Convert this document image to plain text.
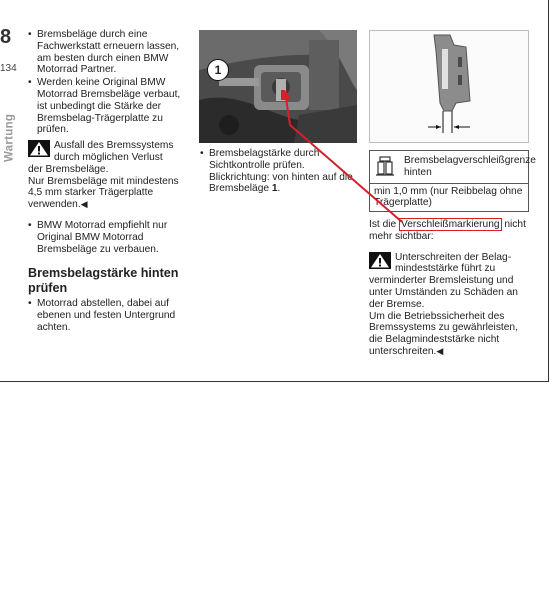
8
134
Wartung
• Bremsbeläge durch eine Fachwerkstatt erneuern lassen, am besten durch einen BMW Motorrad Partner.
• Werden keine Original BMW Motorrad Bremsbeläge verbaut, ist unbedingt die Stärke der Bremsbelag-Trägerplatte zu prüfen.
Ausfall des Bremssystems
durch möglichen Verlust
der Bremsbeläge.
Nur Bremsbeläge mit mindestens 4,5 mm starker Trägerplatte verwenden.◀
• BMW Motorrad empfiehlt nur Original BMW Motorrad Bremsbeläge zu verbauen.
Bremsbelagstärke hinten prüfen
• Motorrad abstellen, dabei auf ebenen und festen Untergrund achten.
1
• Bremsbelagstärke durch Sichtkontrolle prüfen. Blickrichtung: von hinten auf die Bremsbeläge 1.
Bremsbelagverschleißgrenze hinten
min 1,0 mm (nur Reibbelag ohne Trägerplatte)
Ist die Verschleißmarkierung nicht mehr sichtbar:
Unterschreiten der Belag-
mindeststärke führt zu verminderter Bremsleistung und unter Umständen zu Schäden an der Bremse.
Um die Betriebssicherheit des Bremssystems zu gewährleisten, die Belagmindeststärke nicht unterschreiten.◀
